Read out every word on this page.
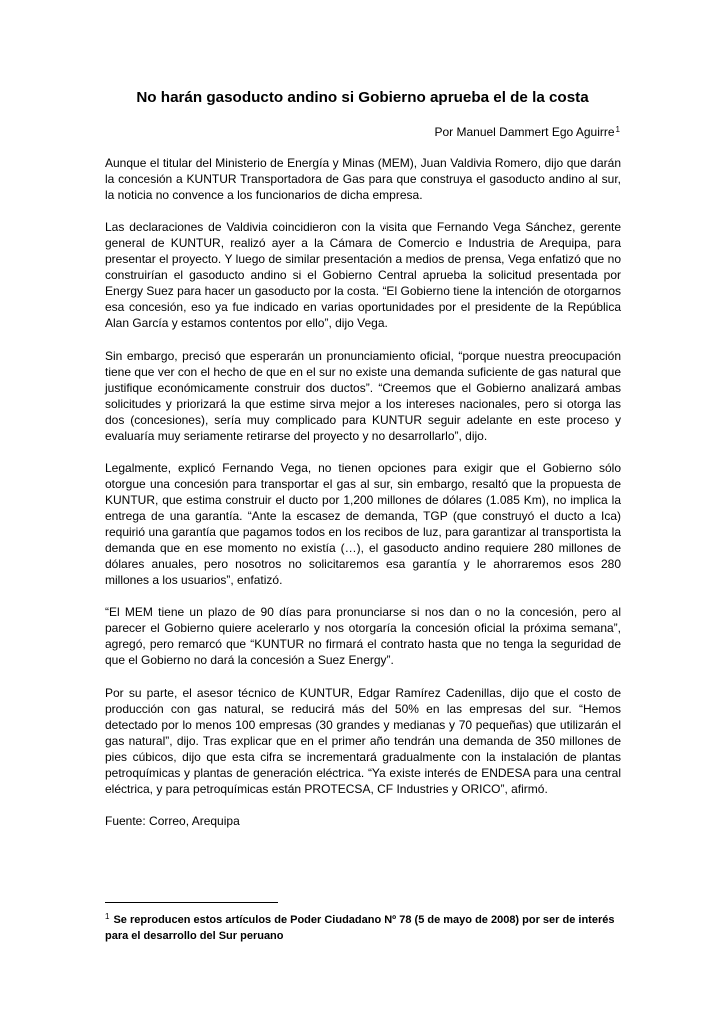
No harán gasoducto andino si Gobierno aprueba el de la costa
Por Manuel Dammert Ego Aguirre$^1$

Aunque el titular del Ministerio de Energía y Minas (MEM), Juan Valdivia Romero, dijo que darán la concesión a KUNTUR Transportadora de Gas para que construya el gasoducto andino al sur, la noticia no convence a los funcionarios de dicha empresa.

Las declaraciones de Valdivia coincidieron con la visita que Fernando Vega Sánchez, gerente general de KUNTUR, realizó ayer a la Cámara de Comercio e Industria de Arequipa, para presentar el proyecto. Y luego de similar presentación a medios de prensa, Vega enfatizó que no construirían el gasoducto andino si el Gobierno Central aprueba la solicitud presentada por Energy Suez para hacer un gasoducto por la costa. “El Gobierno tiene la intención de otorgarnos esa concesión, eso ya fue indicado en varias oportunidades por el presidente de la República Alan García y estamos contentos por ello”, dijo Vega.

Sin embargo, precisó que esperarán un pronunciamiento oficial, “porque nuestra preocupación tiene que ver con el hecho de que en el sur no existe una demanda suficiente de gas natural que justifique económicamente construir dos ductos”. “Creemos que el Gobierno analizará ambas solicitudes y priorizará la que estime sirva mejor a los intereses nacionales, pero si otorga las dos (concesiones), sería muy complicado para KUNTUR seguir adelante en este proceso y evaluaría muy seriamente retirarse del proyecto y no desarrollarlo”, dijo.

Legalmente, explicó Fernando Vega, no tienen opciones para exigir que el Gobierno sólo otorgue una concesión para transportar el gas al sur, sin embargo, resaltó que la propuesta de KUNTUR, que estima construir el ducto por 1,200 millones de dólares (1.085 Km), no implica la entrega de una garantía. “Ante la escasez de demanda, TGP (que construyó el ducto a Ica) requirió una garantía que pagamos todos en los recibos de luz, para garantizar al transportista la demanda que en ese momento no existía (…), el gasoducto andino requiere 280 millones de dólares anuales, pero nosotros no solicitaremos esa garantía y le ahorraremos esos 280 millones a los usuarios”, enfatizó.

“El MEM tiene un plazo de 90 días para pronunciarse si nos dan o no la concesión, pero al parecer el Gobierno quiere acelerarlo y nos otorgaría la concesión oficial la próxima semana”, agregó, pero remarcó que “KUNTUR no firmará el contrato hasta que no tenga la seguridad de que el Gobierno no dará la concesión a Suez Energy”.

Por su parte, el asesor técnico de KUNTUR, Edgar Ramírez Cadenillas, dijo que el costo de producción con gas natural, se reducirá más del 50% en las empresas del sur. “Hemos detectado por lo menos 100 empresas (30 grandes y medianas y 70 pequeñas) que utilizarán el gas natural”, dijo. Tras explicar que en el primer año tendrán una demanda de 350 millones de pies cúbicos, dijo que esta cifra se incrementará gradualmente con la instalación de plantas petroquímicas y plantas de generación eléctrica. “Ya existe interés de ENDESA para una central eléctrica, y para petroquímicas están PROTECSA, CF Industries y ORICO”, afirmó.

Fuente: Correo, Arequipa

$^1$ Se reproducen estos artículos de Poder Ciudadano Nº 78 (5 de mayo de 2008) por ser de interés para el desarrollo del Sur peruano
